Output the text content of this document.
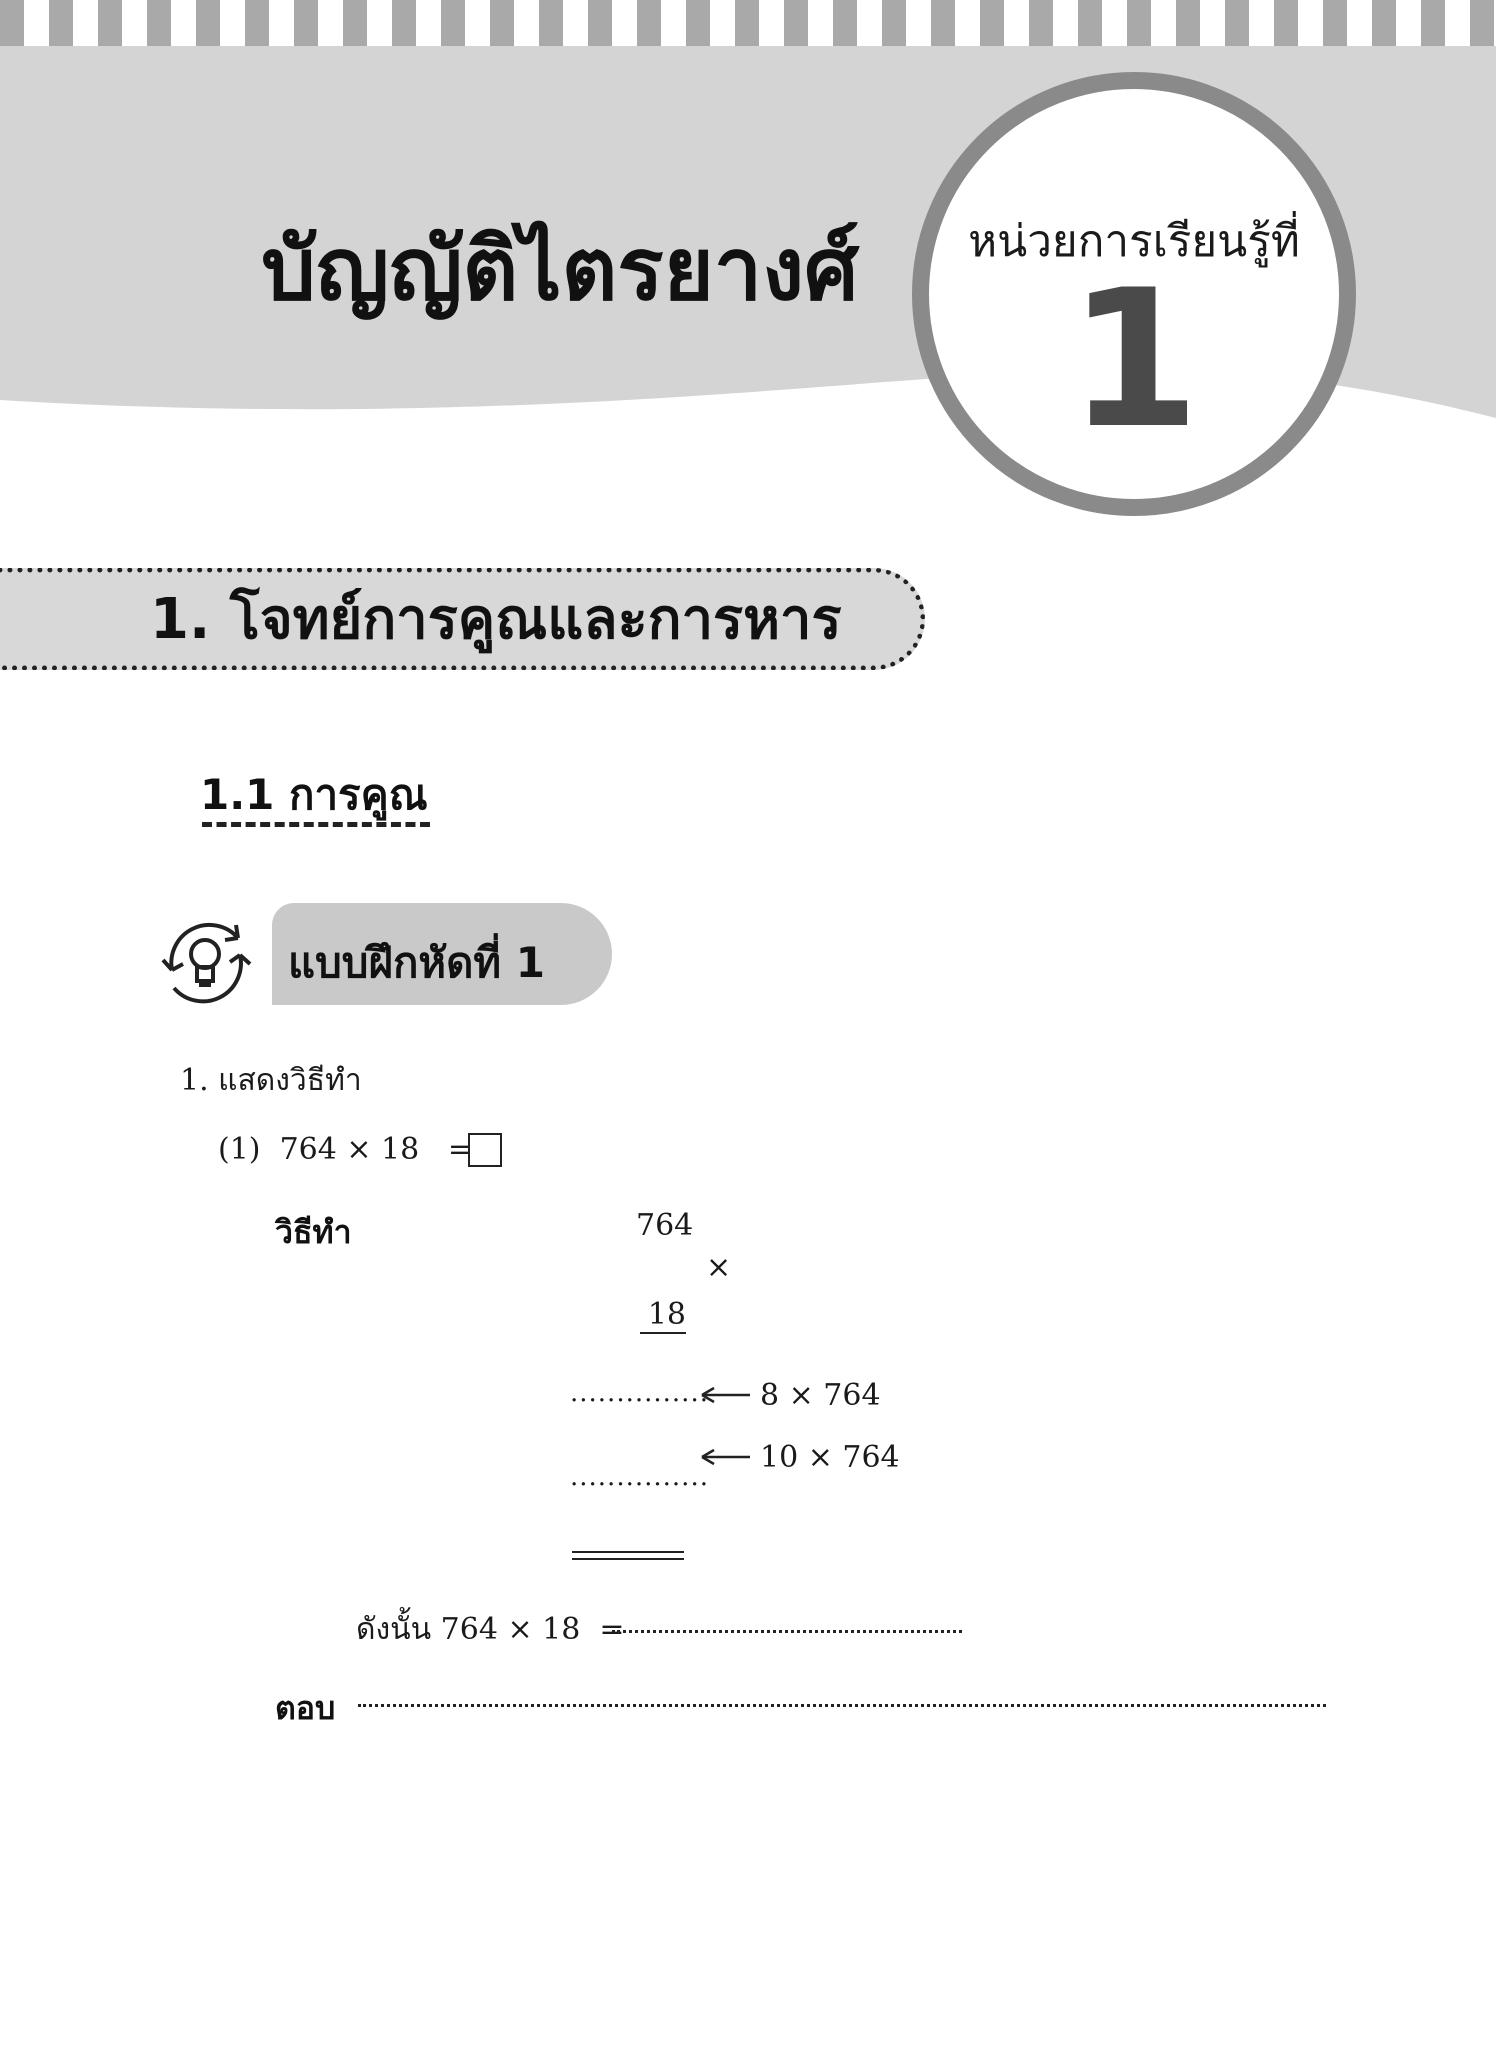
บัญญัติไตรยางศ์	หน่วยการเรียนรู้ที่
1
1. โจทย์การคูณและการหาร
1.1 การคูณ
แบบฝึกหัดที่ 1
1. แสดงวิธีทำ
(1)  764 × 18   =
วิธีทำ	764
×
18
............... 8 × 764
...............
10 × 764
ดังนั้น 764 × 18  =
ตอบ
